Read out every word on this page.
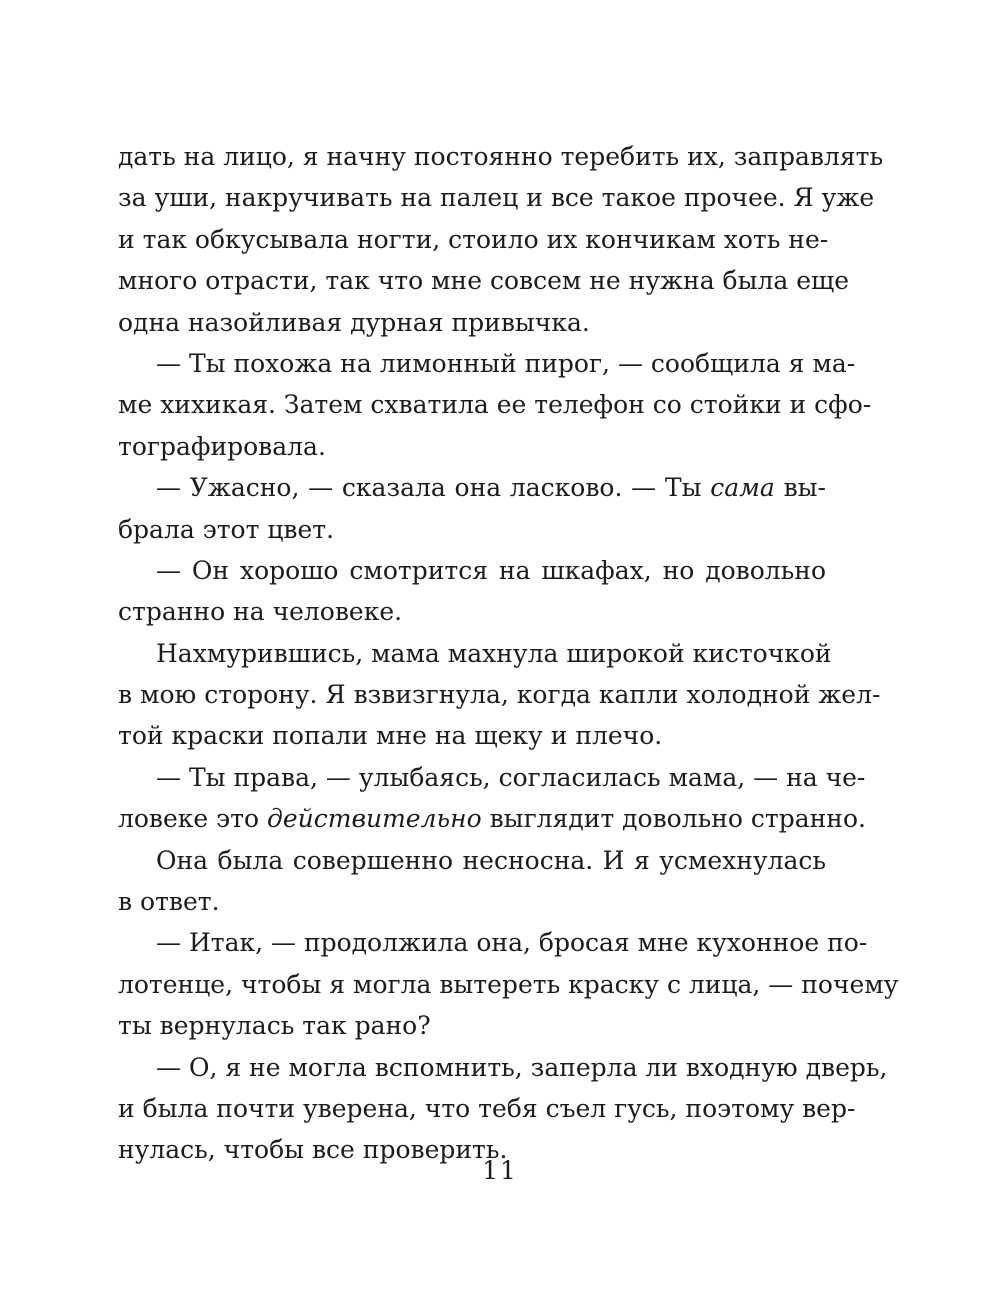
дать на лицо, я начну постоянно теребить их, заправлять
за уши, накручивать на палец и все такое прочее. Я уже
и так обкусывала ногти, стоило их кончикам хоть не-
много отрасти, так что мне совсем не нужна была еще
одна назойливая дурная привычка.
— Ты похожа на лимонный пирог, — сообщила я ма-
ме хихикая. Затем схватила ее телефон со стойки и сфо-
тографировала.
— Ужасно, — сказала она ласково. — Ты сама вы-
брала этот цвет.
— Он хорошо смотрится на шкафах, но довольно
странно на человеке.
Нахмурившись, мама махнула широкой кисточкой
в мою сторону. Я взвизгнула, когда капли холодной жел-
той краски попали мне на щеку и плечо.
— Ты права, — улыбаясь, согласилась мама, — на че-
ловеке это действительно выглядит довольно странно.
Она была совершенно несносна. И я усмехнулась
в ответ.
— Итак, — продолжила она, бросая мне кухонное по-
лотенце, чтобы я могла вытереть краску с лица, — почему
ты вернулась так рано?
— О, я не могла вспомнить, заперла ли входную дверь,
и была почти уверена, что тебя съел гусь, поэтому вер-
нулась, чтобы все проверить.
11
